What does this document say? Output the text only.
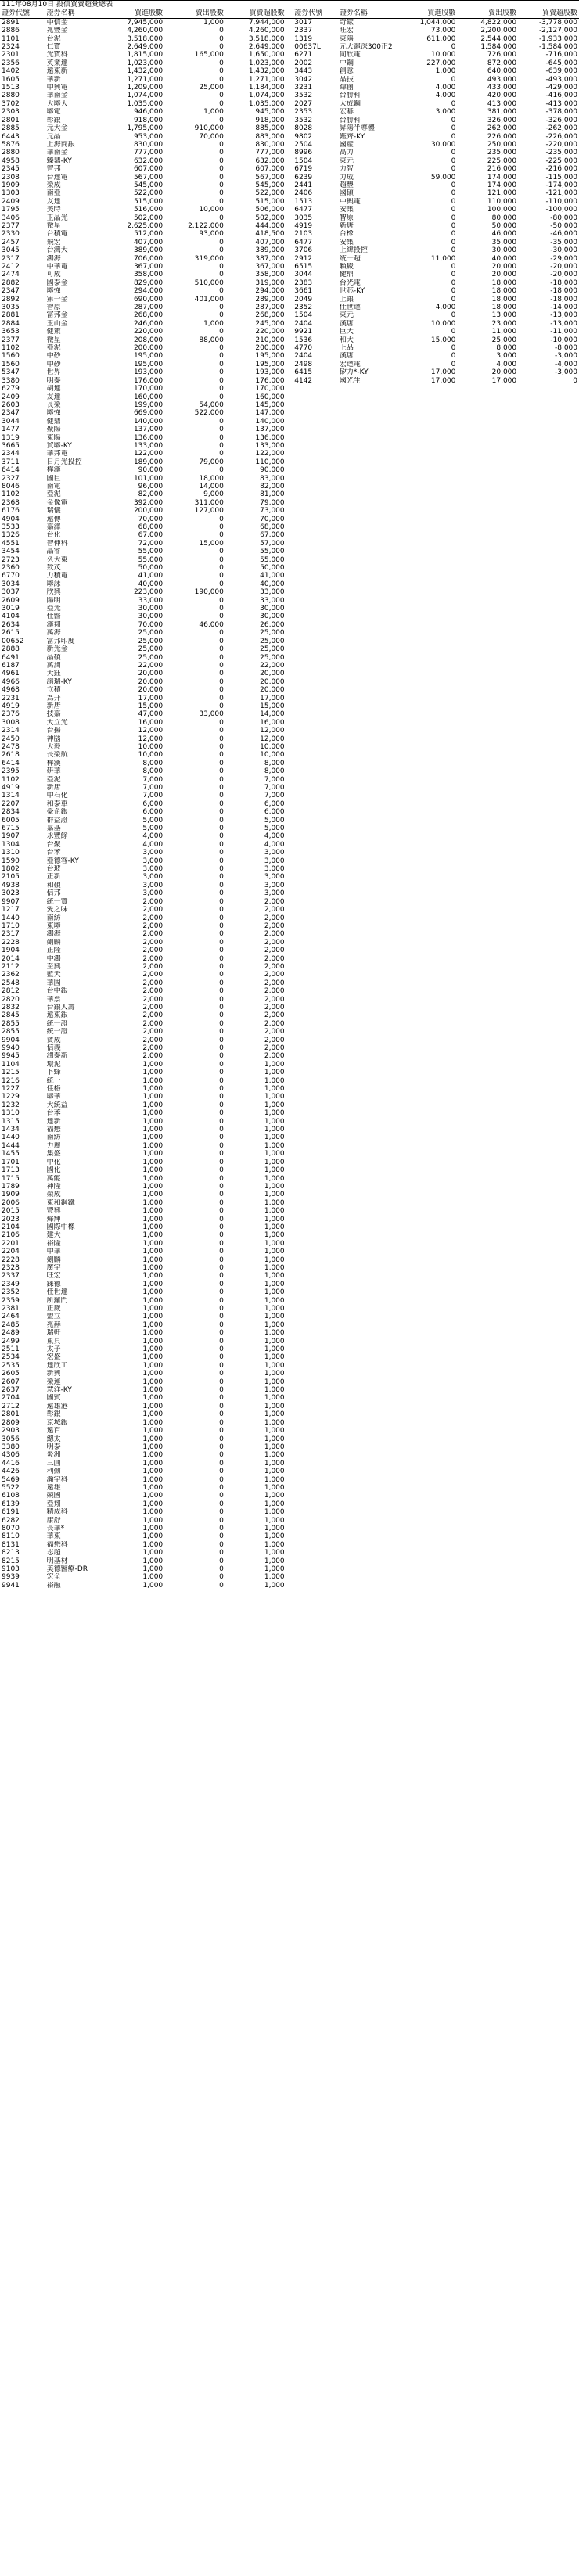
111年08月10日 投信買賣超彙總表										
證券代號	證券名稱	買進股數	賣出股數	買賣超股數		證券代號	證券名稱	買進股數	賣出股數	買賣超股數
2891	中信金	7,945,000	1,000	7,944,000		3017	奇鋐	1,044,000	4,822,000	-3,778,000
2886	兆豐金	4,260,000	0	4,260,000		2337	旺宏	73,000	2,200,000	-2,127,000
1101	台泥	3,518,000	0	3,518,000		1319	東陽	611,000	2,544,000	-1,933,000
2324	仁寶	2,649,000	0	2,649,000		00637L	元大滬深300正2	0	1,584,000	-1,584,000
2301	光寶科	1,815,000	165,000	1,650,000		6271	同欣電	10,000	726,000	-716,000
2356	英業達	1,023,000	0	1,023,000		2002	中鋼	227,000	872,000	-645,000
1402	遠東新	1,432,000	0	1,432,000		3443	創意	1,000	640,000	-639,000
1605	華新	1,271,000	0	1,271,000		3042	晶技	0	493,000	-493,000
1513	中興電	1,209,000	25,000	1,184,000		3231	緯創	4,000	433,000	-429,000
2880	華南金	1,074,000	0	1,074,000		3532	台勝科	4,000	420,000	-416,000
3702	大聯大	1,035,000	0	1,035,000		2027	大成鋼	0	413,000	-413,000
2303	聯電	946,000	1,000	945,000		2353	宏碁	3,000	381,000	-378,000
2801	彰銀	918,000	0	918,000		3532	台勝科	0	326,000	-326,000
2885	元大金	1,795,000	910,000	885,000		8028	昇陽半導體	0	262,000	-262,000
6443	元晶	953,000	70,000	883,000		9802	鈺齊-KY	0	226,000	-226,000
5876	上海商銀	830,000	0	830,000		2504	國產	30,000	250,000	-220,000
2880	華南金	777,000	0	777,000		8996	高力	0	235,000	-235,000
4958	臻鼎-KY	632,000	0	632,000		1504	東元	0	225,000	-225,000
2345	智邦	607,000	0	607,000		6719	力智	0	216,000	-216,000
2308	台達電	567,000	0	567,000		6239	力成	59,000	174,000	-115,000
1909	榮成	545,000	0	545,000		2441	超豐	0	174,000	-174,000
1303	南亞	522,000	0	522,000		2406	國碩	0	121,000	-121,000
2409	友達	515,000	0	515,000		1513	中興電	0	110,000	-110,000
1795	美時	516,000	10,000	506,000		6477	安集	0	100,000	-100,000
3406	玉晶光	502,000	0	502,000		3035	智原	0	80,000	-80,000
2377	微星	2,625,000	2,122,000	444,000		4919	新唐	0	50,000	-50,000
2330	台積電	512,000	93,000	418,500		2103	台橡	0	46,000	-46,000
2457	飛宏	407,000	0	407,000		6477	安集	0	35,000	-35,000
3045	台灣大	389,000	0	389,000		3706	上緯投控	0	30,000	-30,000
2317	鴻海	706,000	319,000	387,000		2912	統一超	11,000	40,000	-29,000
2412	中華電	367,000	0	367,000		6515	穎崴	0	20,000	-20,000
2474	可成	358,000	0	358,000		3044	健鼎	0	20,000	-20,000
2882	國泰金	829,000	510,000	319,000		2383	台光電	0	18,000	-18,000
2347	聯強	294,000	0	294,000		3661	世芯-KY	0	18,000	-18,000
2892	第一金	690,000	401,000	289,000		2049	上銀	0	18,000	-18,000
3035	智原	287,000	0	287,000		2352	佳世達	4,000	18,000	-14,000
2881	富邦金	268,000	0	268,000		1504	東元	0	13,000	-13,000
2884	玉山金	246,000	1,000	245,000		2404	漢唐	10,000	23,000	-13,000
3653	健策	220,000	0	220,000		9921	巨大	0	11,000	-11,000
2377	微星	208,000	88,000	210,000		1536	和大	15,000	25,000	-10,000
1102	亞泥	200,000	0	200,000		4770	上品	0	8,000	-8,000
1560	中砂	195,000	0	195,000		2404	漢唐	0	3,000	-3,000
1560	中砂	195,000	0	195,000		2498	宏達電	0	4,000	-4,000
5347	世界	193,000	0	193,000		6415	矽力*-KY	17,000	20,000	-3,000
3380	明泰	176,000	0	176,000		4142	國光生	17,000	17,000	0
6279	胡連	170,000	0	170,000						
2409	友達	160,000	0	160,000						
2603	長榮	199,000	54,000	145,000						
2347	聯強	669,000	522,000	147,000						
3044	健鼎	140,000	0	140,000						
1477	聚陽	137,000	0	137,000						
1319	東陽	136,000	0	136,000						
3665	貿聯-KY	133,000	0	133,000						
2344	華邦電	122,000	0	122,000						
3711	日月光投控	189,000	79,000	110,000						
6414	樺漢	90,000	0	90,000						
2327	國巨	101,000	18,000	83,000						
8046	南電	96,000	14,000	82,000						
1102	亞泥	82,000	9,000	81,000						
2368	金像電	392,000	311,000	79,000						
6176	瑞儀	200,000	127,000	73,000						
4904	遠傳	70,000	0	70,000						
3533	嘉澤	68,000	0	68,000						
1326	台化	67,000	0	67,000						
4551	智伸科	72,000	15,000	57,000						
3454	晶睿	55,000	0	55,000						
2723	久大東	55,000	0	55,000						
2360	致茂	50,000	0	50,000						
6770	力積電	41,000	0	41,000						
3034	聯詠	40,000	0	40,000						
3037	欣興	223,000	190,000	33,000						
2609	陽明	33,000	0	33,000						
3019	亞光	30,000	0	30,000						
4104	佳醫	30,000	0	30,000						
2634	漢翔	70,000	46,000	26,000						
2615	萬海	25,000	0	25,000						
00652	富邦印度	25,000	0	25,000						
2888	新光金	25,000	0	25,000						
6491	晶碩	25,000	0	25,000						
6187	萬潤	22,000	0	22,000						
4961	天鈺	20,000	0	20,000						
4966	譜瑞-KY	20,000	0	20,000						
4968	立積	20,000	0	20,000						
2231	為升	17,000	0	17,000						
4919	新唐	15,000	0	15,000						
2376	技嘉	47,000	33,000	14,000						
3008	大立光	16,000	0	16,000						
2314	台揚	12,000	0	12,000						
2450	神腦	12,000	0	12,000						
2478	大毅	10,000	0	10,000						
2618	長榮航	10,000	0	10,000						
6414	樺漢	8,000	0	8,000						
2395	研華	8,000	0	8,000						
1102	亞泥	7,000	0	7,000						
4919	新唐	7,000	0	7,000						
1314	中石化	7,000	0	7,000						
2207	和泰車	6,000	0	6,000						
2834	臺企銀	6,000	0	6,000						
6005	群益證	5,000	0	5,000						
6715	嘉基	5,000	0	5,000						
1907	永豐餘	4,000	0	4,000						
1304	台聚	4,000	0	4,000						
1310	台苯	3,000	0	3,000						
1590	亞德客-KY	3,000	0	3,000						
1802	台玻	3,000	0	3,000						
2105	正新	3,000	0	3,000						
4938	和碩	3,000	0	3,000						
3023	信邦	3,000	0	3,000						
9907	統一實	2,000	0	2,000						
1217	愛之味	2,000	0	2,000						
1440	南紡	2,000	0	2,000						
1710	東聯	2,000	0	2,000						
2317	鴻海	2,000	0	2,000						
2228	劍麟	2,000	0	2,000						
1904	正隆	2,000	0	2,000						
2014	中鴻	2,000	0	2,000						
2112	至興	2,000	0	2,000						
2362	藍天	2,000	0	2,000						
2548	華固	2,000	0	2,000						
2812	台中銀	2,000	0	2,000						
2820	華票	2,000	0	2,000						
2832	台銀人壽	2,000	0	2,000						
2845	遠東銀	2,000	0	2,000						
2855	統一證	2,000	0	2,000						
2855	統一證	2,000	0	2,000						
9904	寶成	2,000	0	2,000						
9940	信義	2,000	0	2,000						
9945	潤泰新	2,000	0	2,000						
1104	環泥	1,000	0	1,000						
1215	卜蜂	1,000	0	1,000						
1216	統一	1,000	0	1,000						
1227	佳格	1,000	0	1,000						
1229	聯華	1,000	0	1,000						
1232	大統益	1,000	0	1,000						
1310	台苯	1,000	0	1,000						
1315	達新	1,000	0	1,000						
1434	福懋	1,000	0	1,000						
1440	南紡	1,000	0	1,000						
1444	力麗	1,000	0	1,000						
1455	集盛	1,000	0	1,000						
1701	中化	1,000	0	1,000						
1713	國化	1,000	0	1,000						
1715	萬能	1,000	0	1,000						
1789	神隆	1,000	0	1,000						
1909	榮成	1,000	0	1,000						
2006	東和鋼鐵	1,000	0	1,000						
2015	豐興	1,000	0	1,000						
2023	燁輝	1,000	0	1,000						
2104	國際中橡	1,000	0	1,000						
2106	建大	1,000	0	1,000						
2201	裕隆	1,000	0	1,000						
2204	中華	1,000	0	1,000						
2228	劍麟	1,000	0	1,000						
2328	廣宇	1,000	0	1,000						
2337	旺宏	1,000	0	1,000						
2349	錸德	1,000	0	1,000						
2352	佳世達	1,000	0	1,000						
2359	所羅門	1,000	0	1,000						
2381	正崴	1,000	0	1,000						
2464	盟立	1,000	0	1,000						
2485	兆赫	1,000	0	1,000						
2489	瑞軒	1,000	0	1,000						
2499	東貝	1,000	0	1,000						
2511	太子	1,000	0	1,000						
2534	宏盛	1,000	0	1,000						
2535	達欣工	1,000	0	1,000						
2605	新興	1,000	0	1,000						
2607	榮運	1,000	0	1,000						
2637	慧洋-KY	1,000	0	1,000						
2704	國賓	1,000	0	1,000						
2712	遠雄港	1,000	0	1,000						
2801	彰銀	1,000	0	1,000						
2809	京城銀	1,000	0	1,000						
2903	遠百	1,000	0	1,000						
3056	總太	1,000	0	1,000						
3380	明泰	1,000	0	1,000						
4306	炎洲	1,000	0	1,000						
4416	三圓	1,000	0	1,000						
4426	利勤	1,000	0	1,000						
5469	瀚宇科	1,000	0	1,000						
5522	遠雄	1,000	0	1,000						
6108	競國	1,000	0	1,000						
6139	亞翔	1,000	0	1,000						
6191	精成科	1,000	0	1,000						
6282	康舒	1,000	0	1,000						
8070	長華*	1,000	0	1,000						
8110	華東	1,000	0	1,000						
8131	福懋科	1,000	0	1,000						
8213	志超	1,000	0	1,000						
8215	明基材	1,000	0	1,000						
9103	美德醫療-DR	1,000	0	1,000						
9939	宏全	1,000	0	1,000						
9941	裕融	1,000	0	1,000						
